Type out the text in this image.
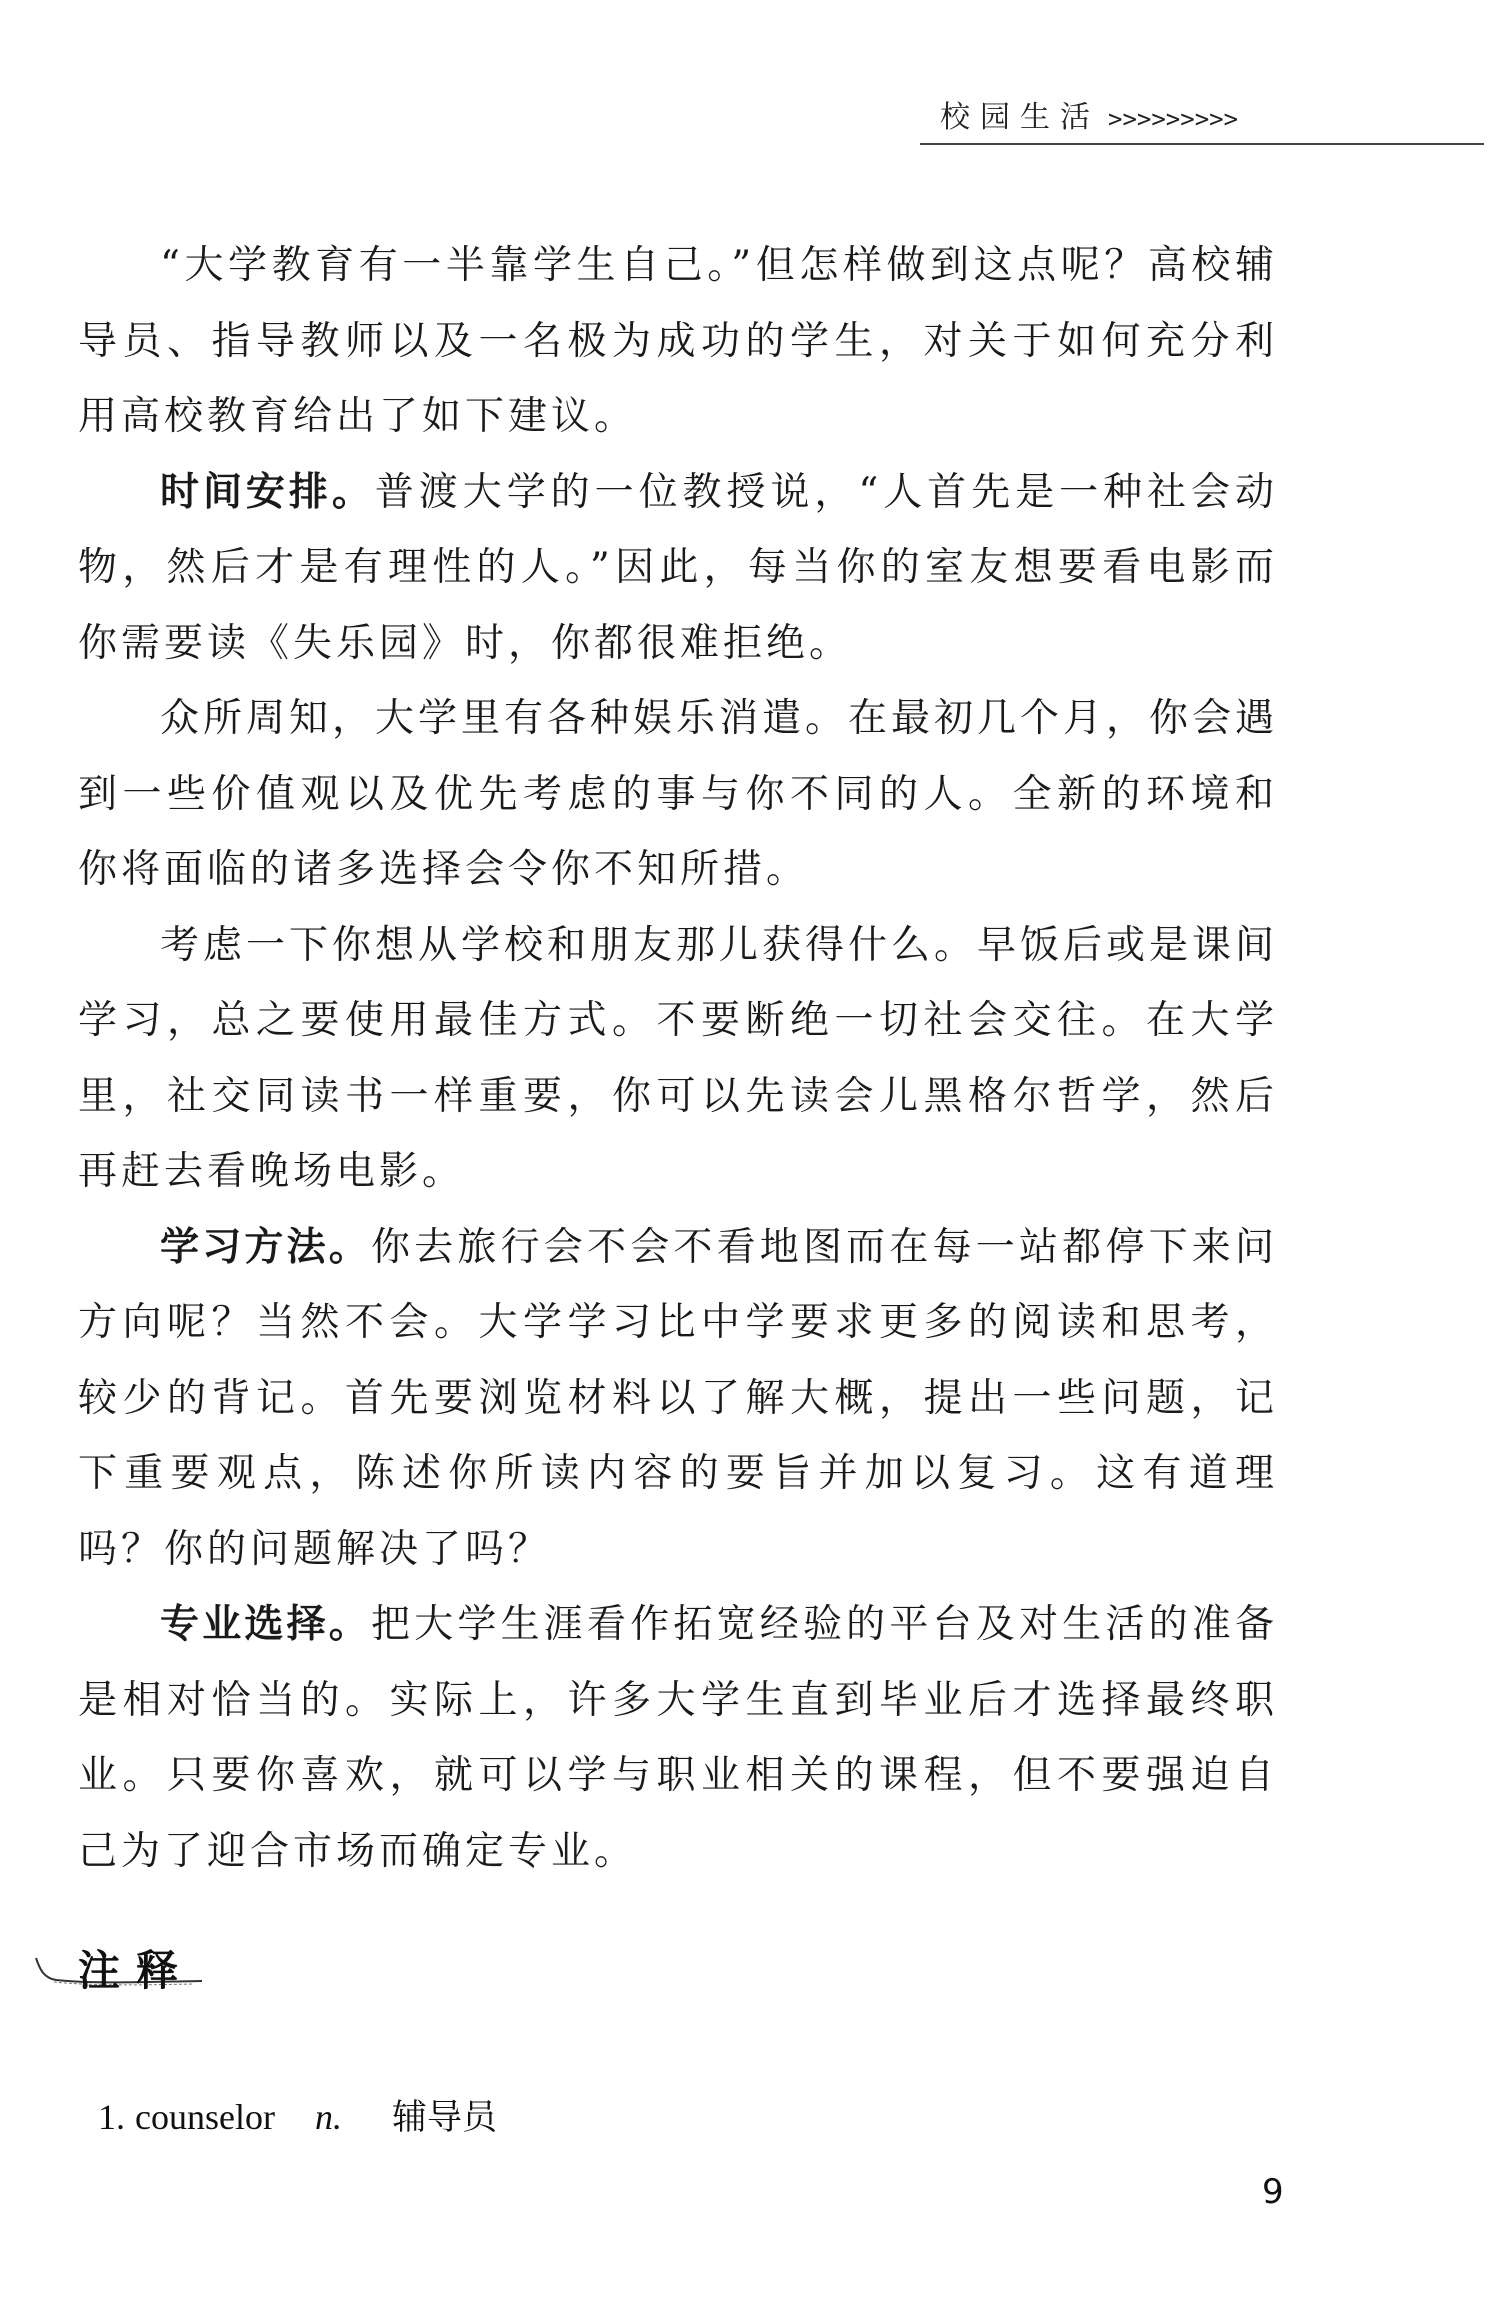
校园生活 >>>>>>>>>

“大学教育有一半靠学生自己。”但怎样做到这点呢？高校辅导员、指导教师以及一名极为成功的学生，对关于如何充分利用高校教育给出了如下建议。

时间安排。普渡大学的一位教授说，“人首先是一种社会动物，然后才是有理性的人。”因此，每当你的室友想要看电影而你需要读《失乐园》时，你都很难拒绝。

众所周知，大学里有各种娱乐消遣。在最初几个月，你会遇到一些价值观以及优先考虑的事与你不同的人。全新的环境和你将面临的诸多选择会令你不知所措。

考虑一下你想从学校和朋友那儿获得什么。早饭后或是课间学习，总之要使用最佳方式。不要断绝一切社会交往。在大学里，社交同读书一样重要，你可以先读会儿黑格尔哲学，然后再赶去看晚场电影。

学习方法。你去旅行会不会不看地图而在每一站都停下来问方向呢？当然不会。大学学习比中学要求更多的阅读和思考，较少的背记。首先要浏览材料以了解大概，提出一些问题，记下重要观点，陈述你所读内容的要旨并加以复习。这有道理吗？你的问题解决了吗？

专业选择。把大学生涯看作拓宽经验的平台及对生活的准备是相对恰当的。实际上，许多大学生直到毕业后才选择最终职业。只要你喜欢，就可以学与职业相关的课程，但不要强迫自己为了迎合市场而确定专业。

注释
1. counselor n. 辅导员
9
